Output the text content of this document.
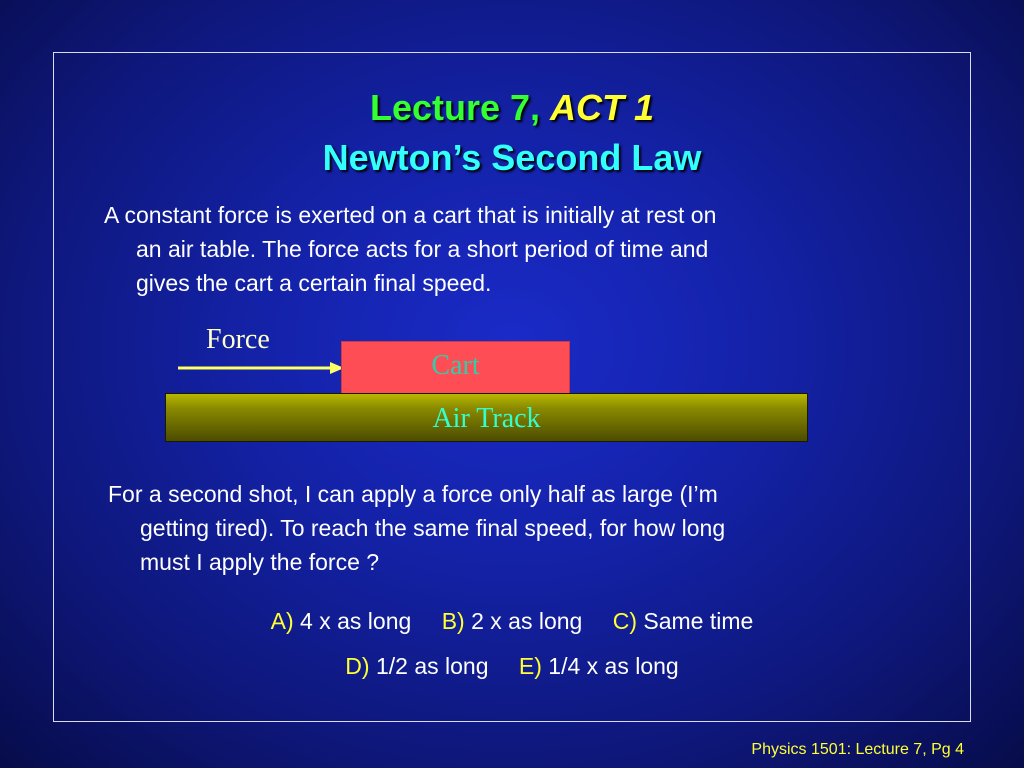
Lecture 7, ACT 1
Newton’s Second Law
A constant force is exerted on a cart that is initially at rest on
an air table. The force acts for a short period of time and
gives the cart a certain final speed.
Force
Cart
Air Track
For a second shot, I can apply a force only half as large (I’m
getting tired). To reach the same final speed, for how long
must I apply the force ?
A) 4 x as long B) 2 x as long C) Same time
D) 1/2 as long E) 1/4 x as long
Physics 1501: Lecture 7, Pg 4
